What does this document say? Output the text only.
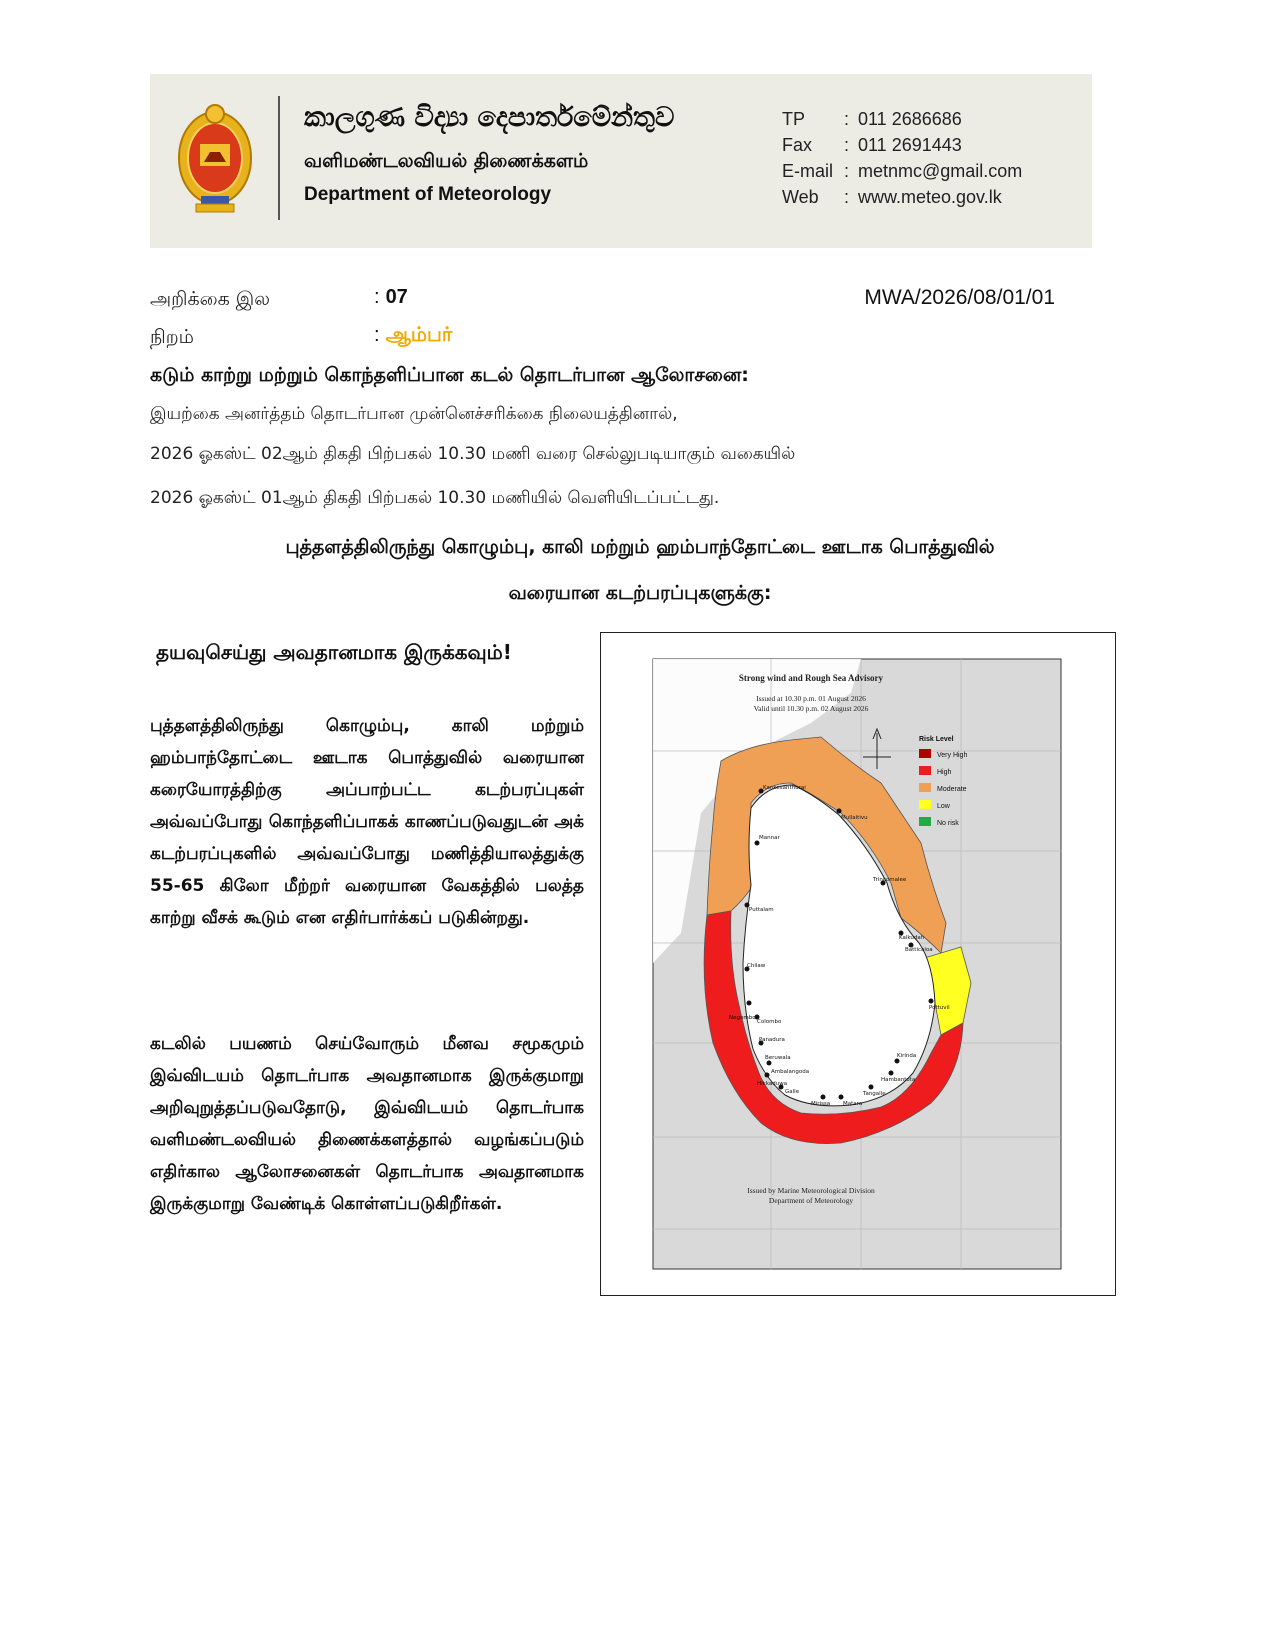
කාලගුණ විද්‍යා දෙපාර්තමේන්තුව
வளிமண்டலவியல் திணைக்களம்
Department of Meteorology
TP	: 011 2686686
Fax	: 011 2691443
E-mail : metnmc@gmail.com
Web	: www.meteo.gov.lk
அறிக்கை இல	: 07	MWA/2026/08/01/01
நிறம்	: ஆம்பர்
கடும் காற்று மற்றும் கொந்தளிப்பான கடல் தொடர்பான ஆலோசனை:
இயற்கை அனர்த்தம் தொடர்பான முன்னெச்சரிக்கை நிலையத்தினால்,
2026 ஓகஸ்ட் 02ஆம் திகதி பிற்பகல் 10.30 மணி வரை செல்லுபடியாகும் வகையில்
2026 ஓகஸ்ட் 01ஆம் திகதி பிற்பகல் 10.30 மணியில் வெளியிடப்பட்டது.
புத்தளத்திலிருந்து கொழும்பு, காலி மற்றும் ஹம்பாந்தோட்டை ஊடாக பொத்துவில்
வரையான கடற்பரப்புகளுக்கு:
தயவுசெய்து அவதானமாக இருக்கவும்!
புத்தளத்திலிருந்து கொழும்பு, காலி மற்றும் ஹம்பாந்தோட்டை ஊடாக பொத்துவில் வரையான கரையோரத்திற்கு அப்பாற்பட்ட கடற்பரப்புகள் அவ்வப்போது கொந்தளிப்பாகக் காணப்படுவதுடன் அக் கடற்பரப்புகளில் அவ்வப்போது மணித்தியாலத்துக்கு 55-65 கிலோ மீற்றர் வரையான வேகத்தில் பலத்த காற்று வீசக் கூடும் என எதிர்பார்க்கப் படுகின்றது.
கடலில் பயணம் செய்வோரும் மீனவ சமூகமும் இவ்விடயம் தொடர்பாக அவதானமாக இருக்குமாறு அறிவுறுத்தப்படுவதோடு, இவ்விடயம் தொடர்பாக வளிமண்டலவியல் திணைக்களத்தால் வழங்கப்படும் எதிர்கால ஆலோசனைகள் தொடர்பாக அவதானமாக இருக்குமாறு வேண்டிக் கொள்ளப்படுகிறீர்கள்.
Kankesanthurai
Mullaitivu
Mannar
Trincomalee
Puttalam
Kalkudah
Batticaloa
Chilaw
Negombo
Colombo
Panadura
Beruwala
Pottuvil
Ambalangoda
Hikkaduwa
Galle
Matara
Mirissa
Tangalle
Hambantota
Kirinda
Strong wind and Rough Sea Advisory
Issued at 10.30 p.m. 01 August 2026
Valid until 10.30 p.m. 02 August 2026
Issued by Marine Meteorological Division
Department of Meteorology
Risk Level
Very High
High
Moderate
Low
No risk
